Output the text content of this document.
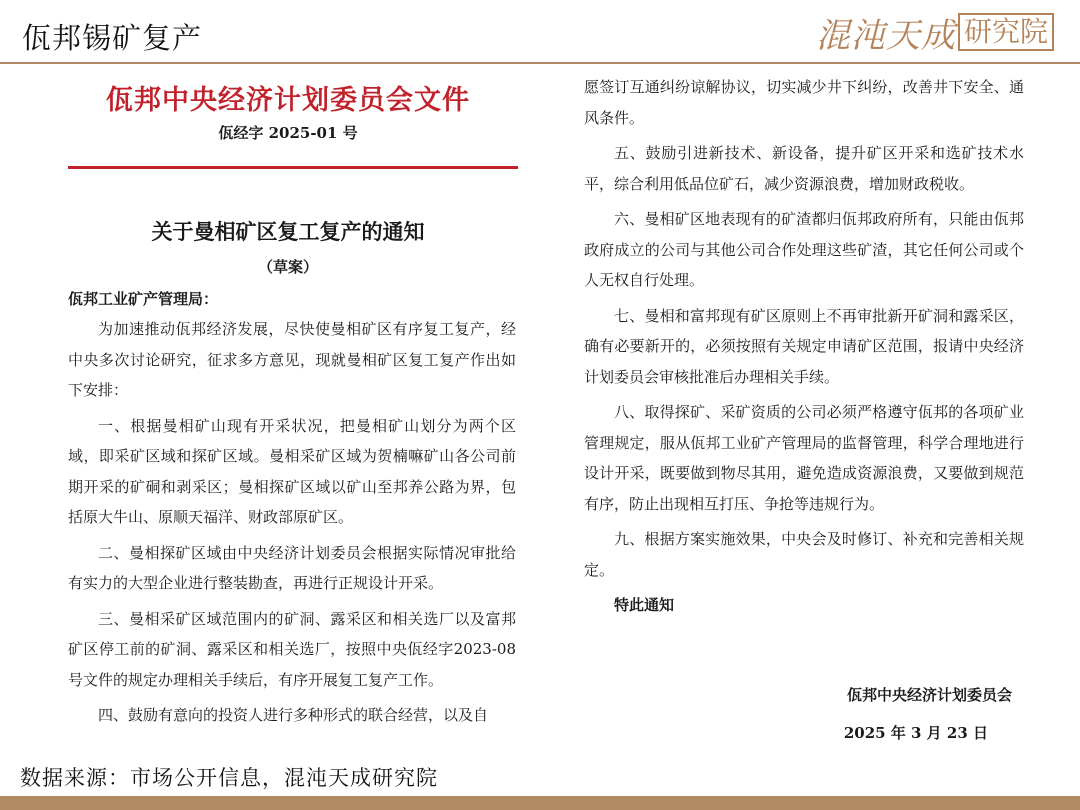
佤邦锡矿复产	混沌天成 研究院
佤邦中央经济计划委员会文件
佤经字 2025-01 号
关于曼相矿区复工复产的通知
（草案）
佤邦工业矿产管理局：

为加速推动佤邦经济发展，尽快使曼相矿区有序复工复产，经中央多次讨论研究，征求多方意见，现就曼相矿区复工复产作出如下安排：

一、根据曼相矿山现有开采状况，把曼相矿山划分为两个区域，即采矿区域和探矿区域。曼相采矿区域为贺楠嘛矿山各公司前期开采的矿硐和剥采区；曼相探矿区域以矿山至邦养公路为界，包括原大牛山、原顺天福洋、财政部原矿区。

二、曼相探矿区域由中央经济计划委员会根据实际情况审批给有实力的大型企业进行整装勘查，再进行正规设计开采。

三、曼相采矿区域范围内的矿洞、露采区和相关选厂以及富邦矿区停工前的矿洞、露采区和相关选厂，按照中央佤经字2023-08 号文件的规定办理相关手续后，有序开展复工复产工作。

四、鼓励有意向的投资人进行多种形式的联合经营，以及自

愿签订互通纠纷谅解协议，切实减少井下纠纷，改善井下安全、通风条件。

五、鼓励引进新技术、新设备，提升矿区开采和选矿技术水平，综合利用低品位矿石，减少资源浪费，增加财政税收。

六、曼相矿区地表现有的矿渣都归佤邦政府所有，只能由佤邦政府成立的公司与其他公司合作处理这些矿渣，其它任何公司或个人无权自行处理。

七、曼相和富邦现有矿区原则上不再审批新开矿洞和露采区，确有必要新开的，必须按照有关规定申请矿区范围，报请中央经济计划委员会审核批准后办理相关手续。

八、取得探矿、采矿资质的公司必须严格遵守佤邦的各项矿业管理规定，服从佤邦工业矿产管理局的监督管理，科学合理地进行设计开采，既要做到物尽其用，避免造成资源浪费，又要做到规范有序，防止出现相互打压、争抢等违规行为。

九、根据方案实施效果，中央会及时修订、补充和完善相关规定。

特此通知

佤邦中央经济计划委员会
2025 年 3 月 23 日
数据来源：市场公开信息，混沌天成研究院
